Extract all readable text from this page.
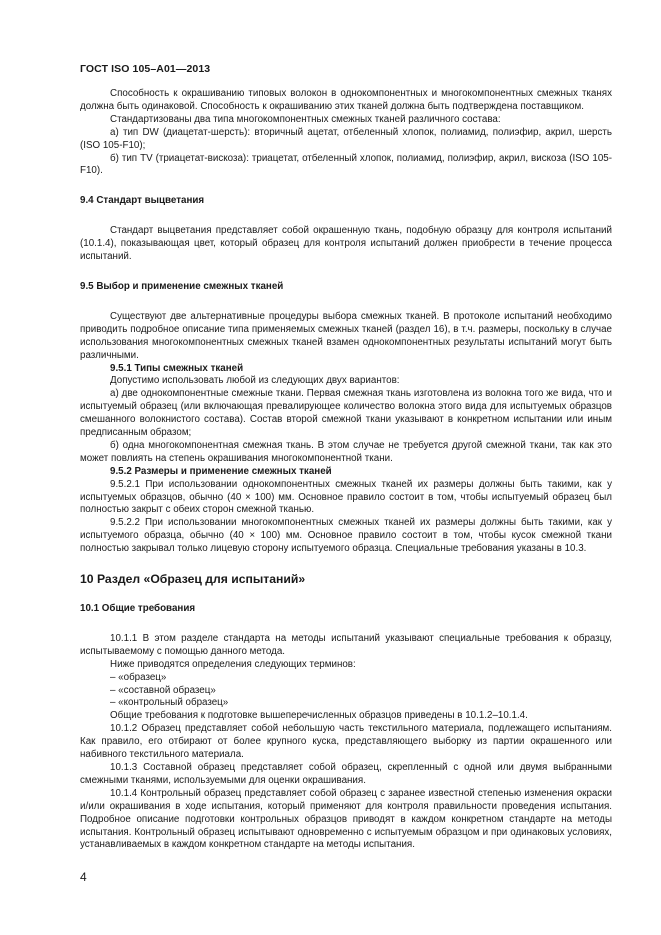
ГОСТ ISO 105–A01—2013

Способность к окрашиванию типовых волокон в однокомпонентных и многокомпонентных смежных тканях должна быть одинаковой. Способность к окрашиванию этих тканей должна быть подтверждена поставщиком.

Стандартизованы два типа многокомпонентных смежных тканей различного состава:

а) тип DW (диацетат-шерсть): вторичный ацетат, отбеленный хлопок, полиамид, полиэфир, акрил, шерсть (ISO 105-F10);

б) тип TV (триацетат-вискоза): триацетат, отбеленный хлопок, полиамид, полиэфир, акрил, вискоза (ISO 105-F10).

9.4 Стандарт выцветания

Стандарт выцветания представляет собой окрашенную ткань, подобную образцу для контроля испытаний (10.1.4), показывающая цвет, который образец для контроля испытаний должен приобрести в течение процесса испытаний.

9.5 Выбор и применение смежных тканей

Существуют две альтернативные процедуры выбора смежных тканей. В протоколе испытаний необходимо приводить подробное описание типа применяемых смежных тканей (раздел 16), в т.ч. размеры, поскольку в случае использования многокомпонентных смежных тканей взамен однокомпонентных результаты испытаний могут быть различными.

9.5.1 Типы смежных тканей

Допустимо использовать любой из следующих двух вариантов:

а) две однокомпонентные смежные ткани. Первая смежная ткань изготовлена из волокна того же вида, что и испытуемый образец (или включающая превалирующее количество волокна этого вида для испытуемых образцов смешанного волокнистого состава). Состав второй смежной ткани указывают в конкретном испытании или иным предписанным образом;

б) одна многокомпонентная смежная ткань. В этом случае не требуется другой смежной ткани, так как это может повлиять на степень окрашивания многокомпонентной ткани.

9.5.2 Размеры и применение смежных тканей

9.5.2.1 При использовании однокомпонентных смежных тканей их размеры должны быть такими, как у испытуемых образцов, обычно (40 × 100) мм. Основное правило состоит в том, чтобы испытуемый образец был полностью закрыт с обеих сторон смежной тканью.

9.5.2.2 При использовании многокомпонентных смежных тканей их размеры должны быть такими, как у испытуемого образца, обычно (40 × 100) мм. Основное правило состоит в том, чтобы кусок смежной ткани полностью закрывал только лицевую сторону испытуемого образца. Специальные требования указаны в 10.3.

10 Раздел «Образец для испытаний»

10.1 Общие требования

10.1.1 В этом разделе стандарта на методы испытаний указывают специальные требования к образцу, испытываемому с помощью данного метода.

Ниже приводятся определения следующих терминов:

– «образец»

– «составной образец»

– «контрольный образец»

Общие требования к подготовке вышеперечисленных образцов приведены в 10.1.2–10.1.4.

10.1.2 Образец представляет собой небольшую часть текстильного материала, подлежащего испытаниям. Как правило, его отбирают от более крупного куска, представляющего выборку из партии окрашенного или набивного текстильного материала.

10.1.3 Составной образец представляет собой образец, скрепленный с одной или двумя выбранными смежными тканями, используемыми для оценки окрашивания.

10.1.4 Контрольный образец представляет собой образец с заранее известной степенью изменения окраски и/или окрашивания в ходе испытания, который применяют для контроля правильности проведения испытания. Подробное описание подготовки контрольных образцов приводят в каждом конкретном стандарте на методы испытания. Контрольный образец испытывают одновременно с испытуемым образцом и при одинаковых условиях, устанавливаемых в каждом конкретном стандарте на методы испытания.

4
